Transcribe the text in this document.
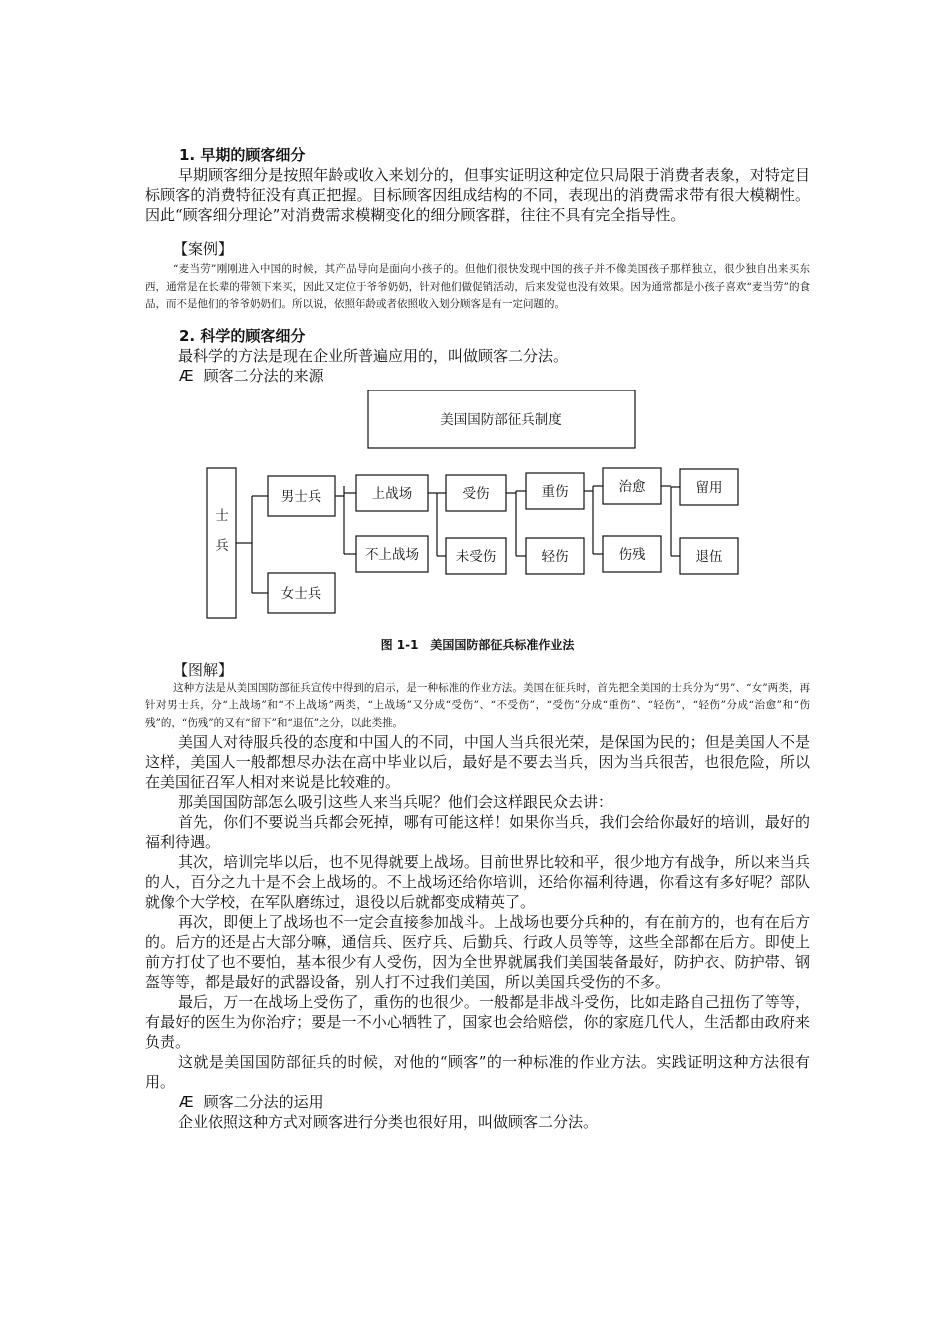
1. 早期的顾客细分

早期顾客细分是按照年龄或收入来划分的，但事实证明这种定位只局限于消费者表象，对特定目标顾客的消费特征没有真正把握。目标顾客因组成结构的不同，表现出的消费需求带有很大模糊性。因此“顾客细分理论”对消费需求模糊变化的细分顾客群，往往不具有完全指导性。

【案例】

“麦当劳”刚刚进入中国的时候，其产品导向是面向小孩子的。但他们很快发现中国的孩子并不像美国孩子那样独立，很少独自出来买东西，通常是在长辈的带领下来买，因此又定位于爷爷奶奶，针对他们做促销活动，后来发觉也没有效果。因为通常都是小孩子喜欢“麦当劳”的食品，而不是他们的爷爷奶奶们。所以说，依照年龄或者依照收入划分顾客是有一定问题的。

2. 科学的顾客细分

最科学的方法是现在企业所普遍应用的，叫做顾客二分法。

Æ 顾客二分法的来源

美国国防部征兵制度
士
兵
男士兵
女士兵
上战场
不上战场
受伤
未受伤
重伤
轻伤
治愈
伤残
留用
退伍

图 1-1　美国国防部征兵标准作业法

【图解】

这种方法是从美国国防部征兵宣传中得到的启示，是一种标准的作业方法。美国在征兵时，首先把全美国的士兵分为“男”、“女”两类，再针对男士兵，分“上战场”和“不上战场”两类，“上战场”又分成“受伤”、“不受伤”，“受伤”分成“重伤”、“轻伤”，“轻伤”分成“治愈”和“伤残”的，“伤残”的又有“留下”和“退伍”之分，以此类推。

美国人对待服兵役的态度和中国人的不同，中国人当兵很光荣，是保国为民的；但是美国人不是这样，美国人一般都想尽办法在高中毕业以后，最好是不要去当兵，因为当兵很苦，也很危险，所以在美国征召军人相对来说是比较难的。

那美国国防部怎么吸引这些人来当兵呢？他们会这样跟民众去讲：

首先，你们不要说当兵都会死掉，哪有可能这样！如果你当兵，我们会给你最好的培训，最好的福利待遇。

其次，培训完毕以后，也不见得就要上战场。目前世界比较和平，很少地方有战争，所以来当兵的人，百分之九十是不会上战场的。不上战场还给你培训，还给你福利待遇，你看这有多好呢？部队就像个大学校，在军队磨练过，退役以后就都变成精英了。

再次，即便上了战场也不一定会直接参加战斗。上战场也要分兵种的，有在前方的，也有在后方的。后方的还是占大部分嘛，通信兵、医疗兵、后勤兵、行政人员等等，这些全部都在后方。即使上前方打仗了也不要怕，基本很少有人受伤，因为全世界就属我们美国装备最好，防护衣、防护帯、钢盔等等，都是最好的武器设备，别人打不过我们美国，所以美国兵受伤的不多。

最后，万一在战场上受伤了，重伤的也很少。一般都是非战斗受伤，比如走路自己扭伤了等等，有最好的医生为你治疗；要是一不小心牺牲了，国家也会给赔偿，你的家庭几代人，生活都由政府来负责。

这就是美国国防部征兵的时候，对他的“顾客”的一种标准的作业方法。实践证明这种方法很有用。

Æ 顾客二分法的运用

企业依照这种方式对顾客进行分类也很好用，叫做顾客二分法。
